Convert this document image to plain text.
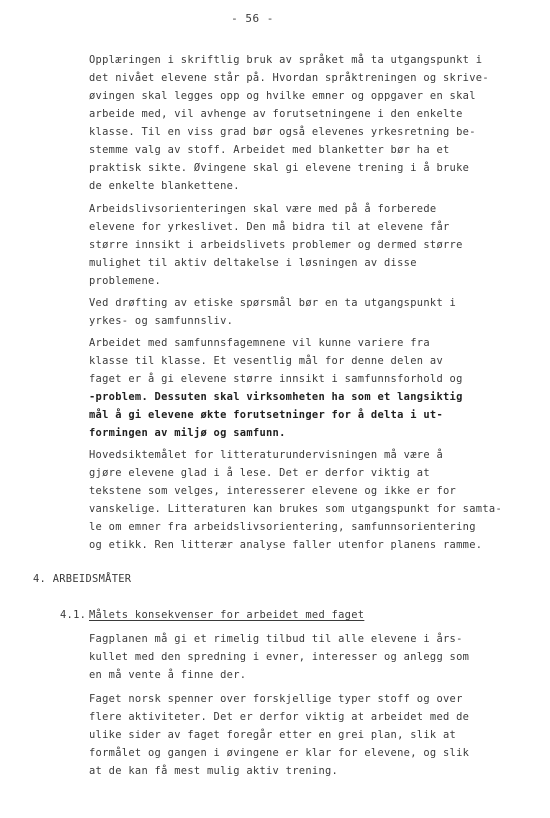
- 56 -
Opplæringen i skriftlig bruk av språket må ta utgangspunkt i
det nivået elevene står på. Hvordan språktreningen og skrive-
øvingen skal legges opp og hvilke emner og oppgaver en skal
arbeide med, vil avhenge av forutsetningene i den enkelte
klasse. Til en viss grad bør også elevenes yrkesretning be-
stemme valg av stoff. Arbeidet med blanketter bør ha et
praktisk sikte. Øvingene skal gi elevene trening i å bruke
de enkelte blankettene.
Arbeidslivsorienteringen skal være med på å forberede
elevene for yrkeslivet. Den må bidra til at elevene får
større innsikt i arbeidslivets problemer og dermed større
mulighet til aktiv deltakelse i løsningen av disse
problemene.
Ved drøfting av etiske spørsmål bør en ta utgangspunkt i
yrkes- og samfunnsliv.
Arbeidet med samfunnsfagemnene vil kunne variere fra
klasse til klasse. Et vesentlig mål for denne delen av
faget er å gi elevene større innsikt i samfunnsforhold og
-problem. Dessuten skal virksomheten ha som et langsiktig
mål å gi elevene økte forutsetninger for å delta i ut-
formingen av miljø og samfunn.
Hovedsiktemålet for litteraturundervisningen må være å
gjøre elevene glad i å lese. Det er derfor viktig at
tekstene som velges, interesserer elevene og ikke er for
vanskelige. Litteraturen kan brukes som utgangspunkt for samta-
le om emner fra arbeidslivsorientering, samfunnsorientering
og etikk. Ren litterær analyse faller utenfor planens ramme.
4. ARBEIDSMÅTER
4.1. Målets konsekvenser for arbeidet med faget
Fagplanen må gi et rimelig tilbud til alle elevene i års-
kullet med den spredning i evner, interesser og anlegg som
en må vente å finne der.
Faget norsk spenner over forskjellige typer stoff og over
flere aktiviteter. Det er derfor viktig at arbeidet med de
ulike sider av faget foregår etter en grei plan, slik at
formålet og gangen i øvingene er klar for elevene, og slik
at de kan få mest mulig aktiv trening.
